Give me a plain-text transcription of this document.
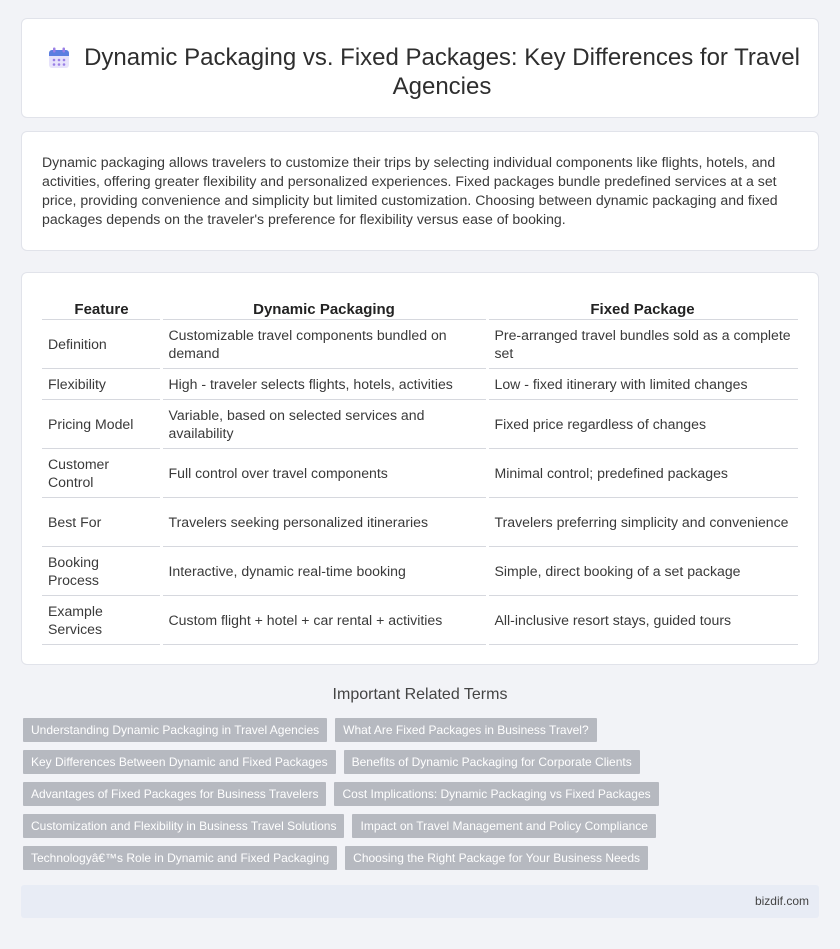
Dynamic Packaging vs. Fixed Packages: Key Differences for Travel Agencies

Dynamic packaging allows travelers to customize their trips by selecting individual components like flights, hotels, and activities, offering greater flexibility and personalized experiences. Fixed packages bundle predefined services at a set price, providing convenience and simplicity but limited customization. Choosing between dynamic packaging and fixed packages depends on the traveler's preference for flexibility versus ease of booking.

Feature	Dynamic Packaging	Fixed Package
Definition	Customizable travel components bundled on demand	Pre-arranged travel bundles sold as a complete set
Flexibility	High - traveler selects flights, hotels, activities	Low - fixed itinerary with limited changes
Pricing Model	Variable, based on selected services and availability	Fixed price regardless of changes
Customer Control	Full control over travel components	Minimal control; predefined packages
Best For	Travelers seeking personalized itineraries	Travelers preferring simplicity and convenience
Booking Process	Interactive, dynamic real-time booking	Simple, direct booking of a set package
Example Services	Custom flight + hotel + car rental + activities	All-inclusive resort stays, guided tours
Important Related Terms
Understanding Dynamic Packaging in Travel Agencies	What Are Fixed Packages in Business Travel?
Key Differences Between Dynamic and Fixed Packages	Benefits of Dynamic Packaging for Corporate Clients
Advantages of Fixed Packages for Business Travelers	Cost Implications: Dynamic Packaging vs Fixed Packages
Customization and Flexibility in Business Travel Solutions	Impact on Travel Management and Policy Compliance
Technologyâ€™s Role in Dynamic and Fixed Packaging	Choosing the Right Package for Your Business Needs
bizdif.com
